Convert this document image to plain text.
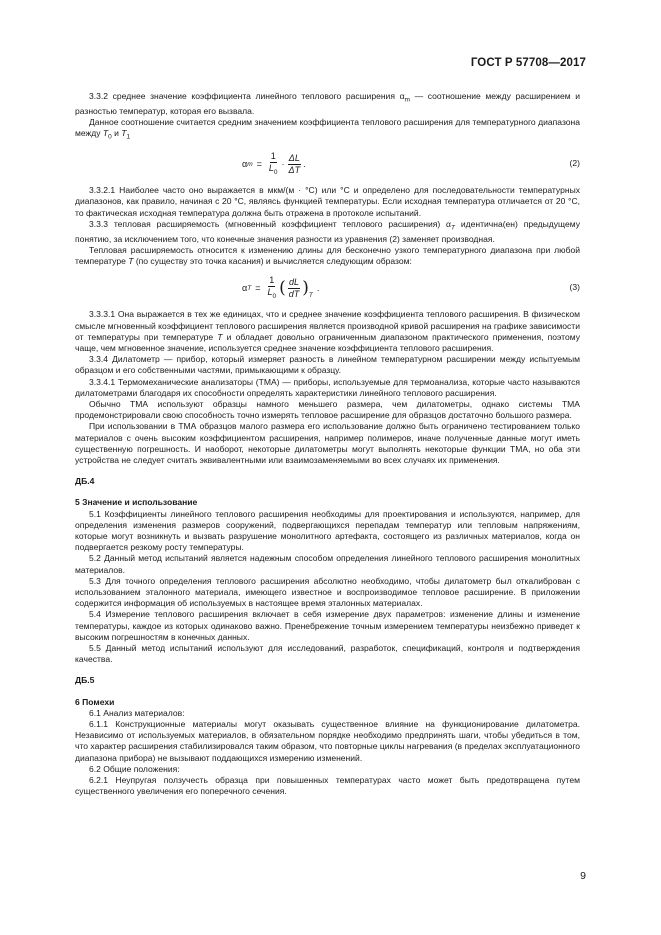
ГОСТ Р 57708—2017

3.3.2 среднее значение коэффициента линейного теплового расширения $\alpha_m$ — соотношение между расширением и разностью температур, которая его вызвала.

Данное соотношение считается средним значением коэффициента теплового расширения для температурного диапазона между $T_0$ и $T_1$

α $m = \frac{1}{L_0} \cdot \frac{\Delta L}{\Delta T}$ .	(2)

3.3.2.1 Наиболее часто оно выражается в мкм/(м · °С) или °С и определено для последовательности температурных диапазонов, как правило, начиная с 20 °С, являясь функцией температуры. Если исходная температура отличается от 20 °С, то фактическая исходная температура должна быть отражена в протоколе испытаний.

3.3.3 тепловая расширяемость (мгновенный коэффициент теплового расширения) $\alpha_T$ идентична(ен) предыдущему понятию, за исключением того, что конечные значения разности из уравнения (2) заменяет производная.

Тепловая расширяемость относится к изменению длины для бесконечно узкого температурного диапазона при любой температуре T (по существу это точка касания) и вычисляется следующим образом:

α $T = \frac{1}{L_0}$ ( $\frac{dL}{dT} )_T$
.	(3)

3.3.3.1 Она выражается в тех же единицах, что и среднее значение коэффициента теплового расширения. В физическом смысле мгновенный коэффициент теплового расширения является производной кривой расширения на графике зависимости от температуры при температуре T и обладает довольно ограниченным диапазоном практического применения, поэтому чаще, чем мгновенное значение, используется среднее значение коэффициента теплового расширения.

3.3.4 Дилатометр — прибор, который измеряет разность в линейном температурном расширении между испытуемым образцом и его собственными частями, примыкающими к образцу.

3.3.4.1 Термомеханические анализаторы (ТМА) — приборы, используемые для термоанализа, которые часто называются дилатометрами благодаря их способности определять характеристики линейного теплового расширения.

Обычно ТМА используют образцы намного меньшего размера, чем дилатометры, однако системы ТМА продемонстрировали свою способность точно измерять тепловое расширение для образцов достаточно большого размера.

При использовании в ТМА образцов малого размера его использование должно быть ограничено тестированием только материалов с очень высоким коэффициентом расширения, например полимеров, иначе полученные данные могут иметь существенную погрешность. И наоборот, некоторые дилатометры могут выполнять некоторые функции ТМА, но оба эти устройства не следует считать эквивалентными или взаимозаменяемыми во всех случаях их применения.

ДБ.4

5 Значение и использование

5.1 Коэффициенты линейного теплового расширения необходимы для проектирования и используются, например, для определения изменения размеров сооружений, подвергающихся перепадам температур или тепловым напряжениям, которые могут возникнуть и вызвать разрушение монолитного артефакта, состоящего из различных материалов, когда он подвергается резкому росту температуры.

5.2 Данный метод испытаний является надежным способом определения линейного теплового расширения монолитных материалов.

5.3 Для точного определения теплового расширения абсолютно необходимо, чтобы дилатометр был откалиброван с использованием эталонного материала, имеющего известное и воспроизводимое тепловое расширение. В приложении содержится информация об используемых в настоящее время эталонных материалах.

5.4 Измерение теплового расширения включает в себя измерение двух параметров: изменение длины и изменение температуры, каждое из которых одинаково важно. Пренебрежение точным измерением температуры неизбежно приведет к высоким погрешностям в конечных данных.

5.5 Данный метод испытаний используют для исследований, разработок, спецификаций, контроля и подтверждения качества.

ДБ.5

6 Помехи

6.1 Анализ материалов:

6.1.1 Конструкционные материалы могут оказывать существенное влияние на функционирование дилатометра. Независимо от используемых материалов, в обязательном порядке необходимо предпринять шаги, чтобы убедиться в том, что характер расширения стабилизировался таким образом, что повторные циклы нагревания (в пределах эксплуатационного диапазона прибора) не вызывают поддающихся измерению изменений.

6.2 Общие положения:

6.2.1 Неупругая ползучесть образца при повышенных температурах часто может быть предотвращена путем существенного увеличения его поперечного сечения.

9
